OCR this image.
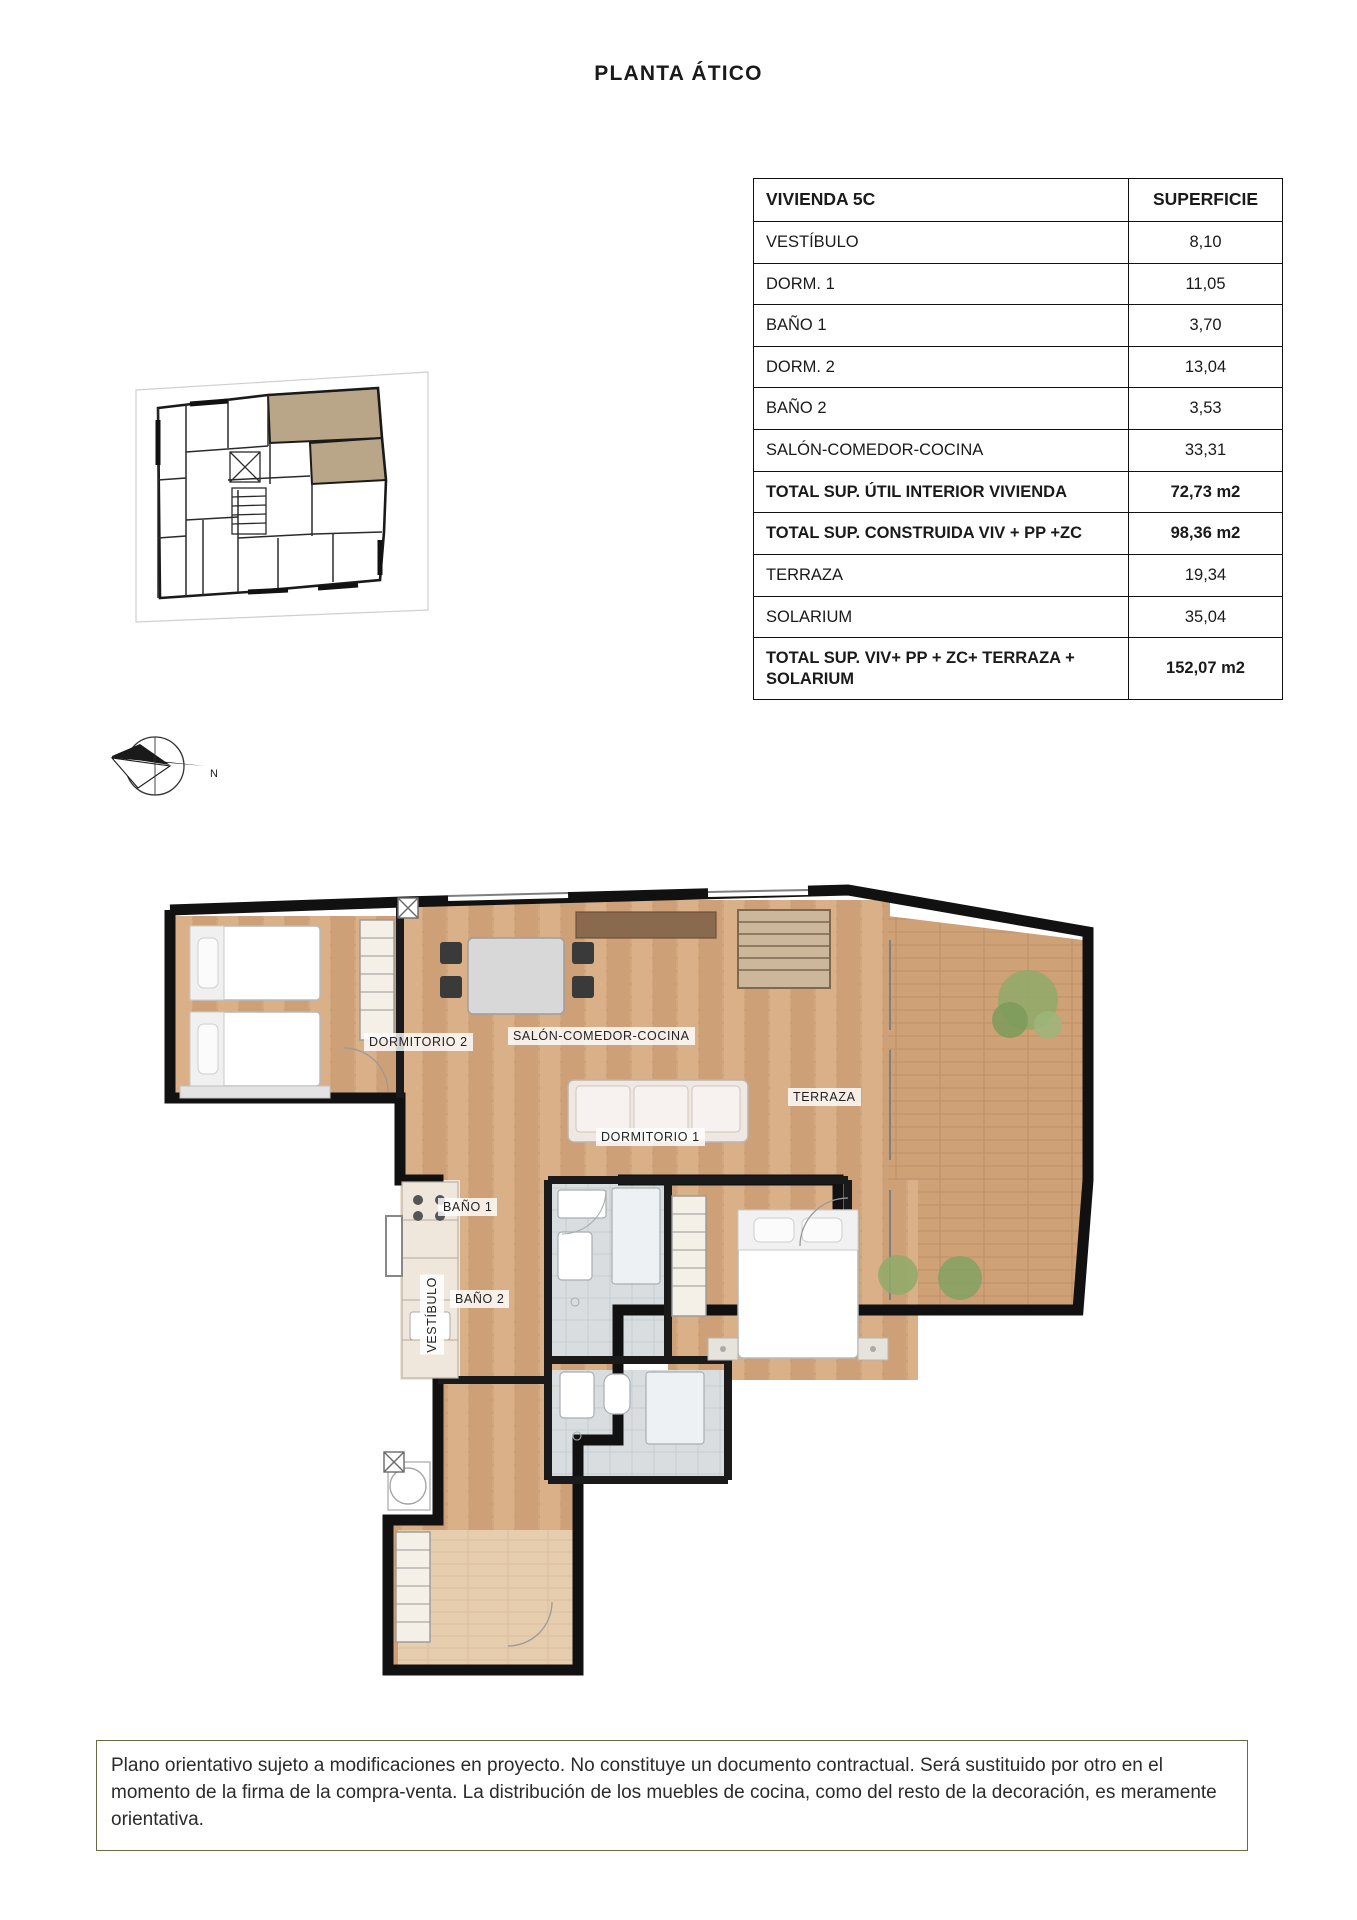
PLANTA ÁTICO
VIVIENDA 5C	SUPERFICIE
VESTÍBULO	8,10
DORM. 1	11,05
BAÑO 1	3,70
DORM. 2	13,04
BAÑO 2	3,53
SALÓN-COMEDOR-COCINA	33,31
TOTAL SUP. ÚTIL INTERIOR VIVIENDA	72,73 m2
TOTAL SUP. CONSTRUIDA VIV + PP +ZC	98,36 m2
TERRAZA	19,34
SOLARIUM	35,04
TOTAL SUP. VIV+ PP + ZC+ TERRAZA + SOLARIUM	152,07 m2
N
DORMITORIO 2	SALÓN-COMEDOR-COCINA
TERRAZA
DORMITORIO 1
BAÑO 1
BAÑO 2
VESTÍBULO
Plano orientativo sujeto a modificaciones en proyecto. No constituye un documento contractual. Será sustituido por otro en el momento de la firma de la compra-venta. La distribución de los muebles de cocina, como del resto de la decoración, es meramente orientativa.
